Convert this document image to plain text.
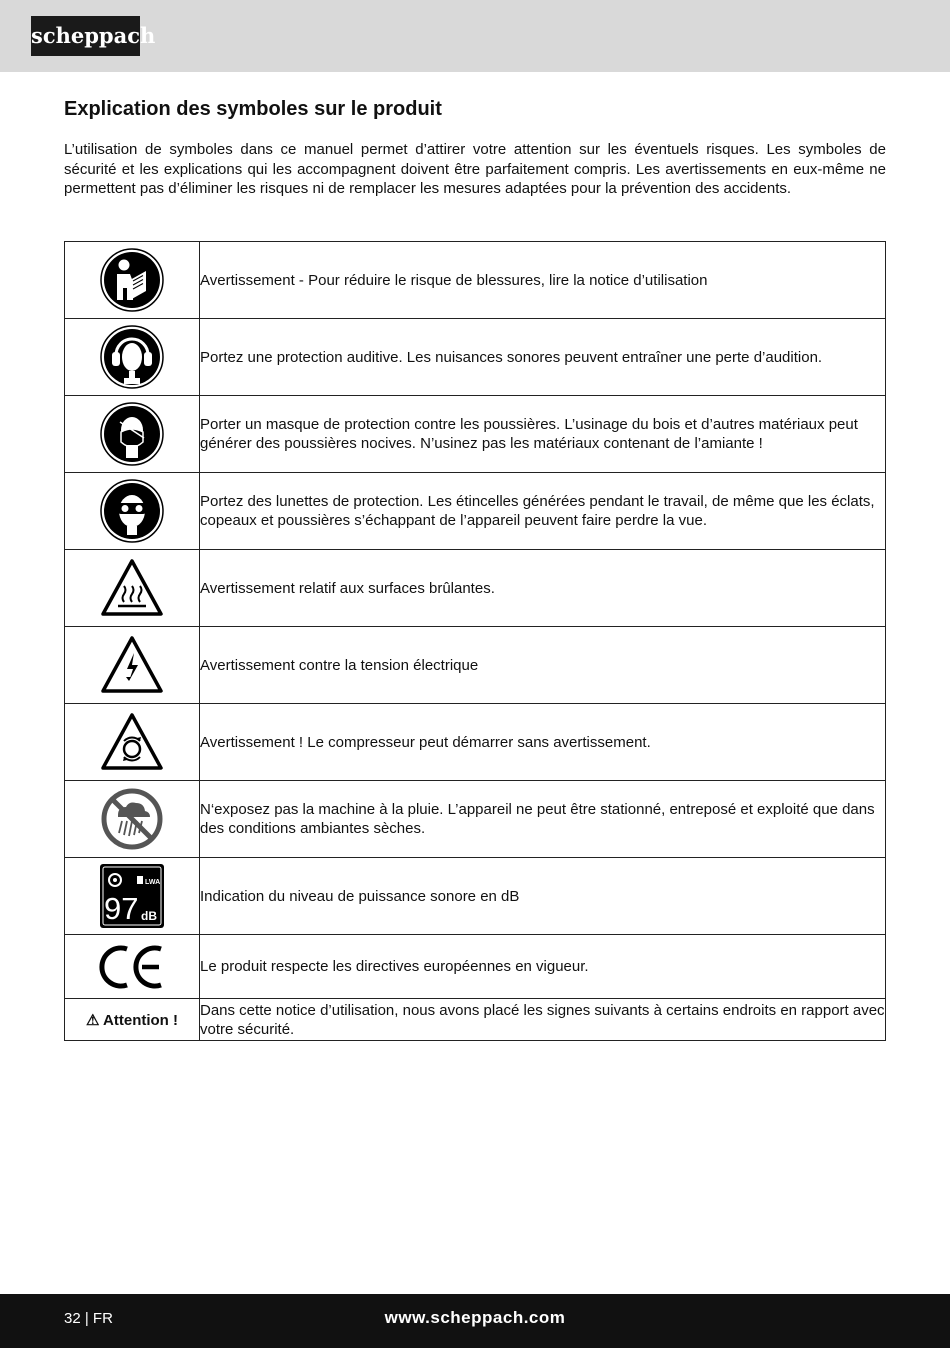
scheppach
Explication des symboles sur le produit

L’utilisation de symboles dans ce manuel permet d’attirer votre attention sur les éventuels risques. Les symboles de sécurité et les explications qui les accompagnent doivent être parfaitement compris. Les avertissements en eux-même ne permettent pas d’éliminer les risques ni de remplacer les mesures adaptées pour la prévention des accidents.

	Avertissement - Pour réduire le risque de blessures, lire la notice d’utilisation

	Portez une protection auditive. Les nuisances sonores peuvent entraîner une perte d’audition.

	Porter un masque de protection contre les poussières. L’usinage du bois et d’autres matériaux peut générer des poussières nocives. N’usinez pas les matériaux contenant de l’amiante !

	Portez des lunettes de protection. Les étincelles générées pendant le travail, de même que les éclats, copeaux et poussières s’échappant de l’appareil peuvent faire perdre la vue.

	Avertissement relatif aux surfaces brûlantes.

	Avertissement contre la tension électrique

	Avertissement ! Le compresseur peut démarrer sans avertissement.

	N‘exposez pas la machine à la pluie. L’appareil ne peut être stationné, entreposé et exploité que dans des conditions ambiantes sèches.

LWA
97 dB	Indication du niveau de puissance sonore en dB

	Le produit respecte les directives européennes en vigueur.
⚠ Attention !	Dans cette notice d’utilisation, nous avons placé les signes suivants à certains endroits en rapport avec votre sécurité.
32 | FR	www.scheppach.com
